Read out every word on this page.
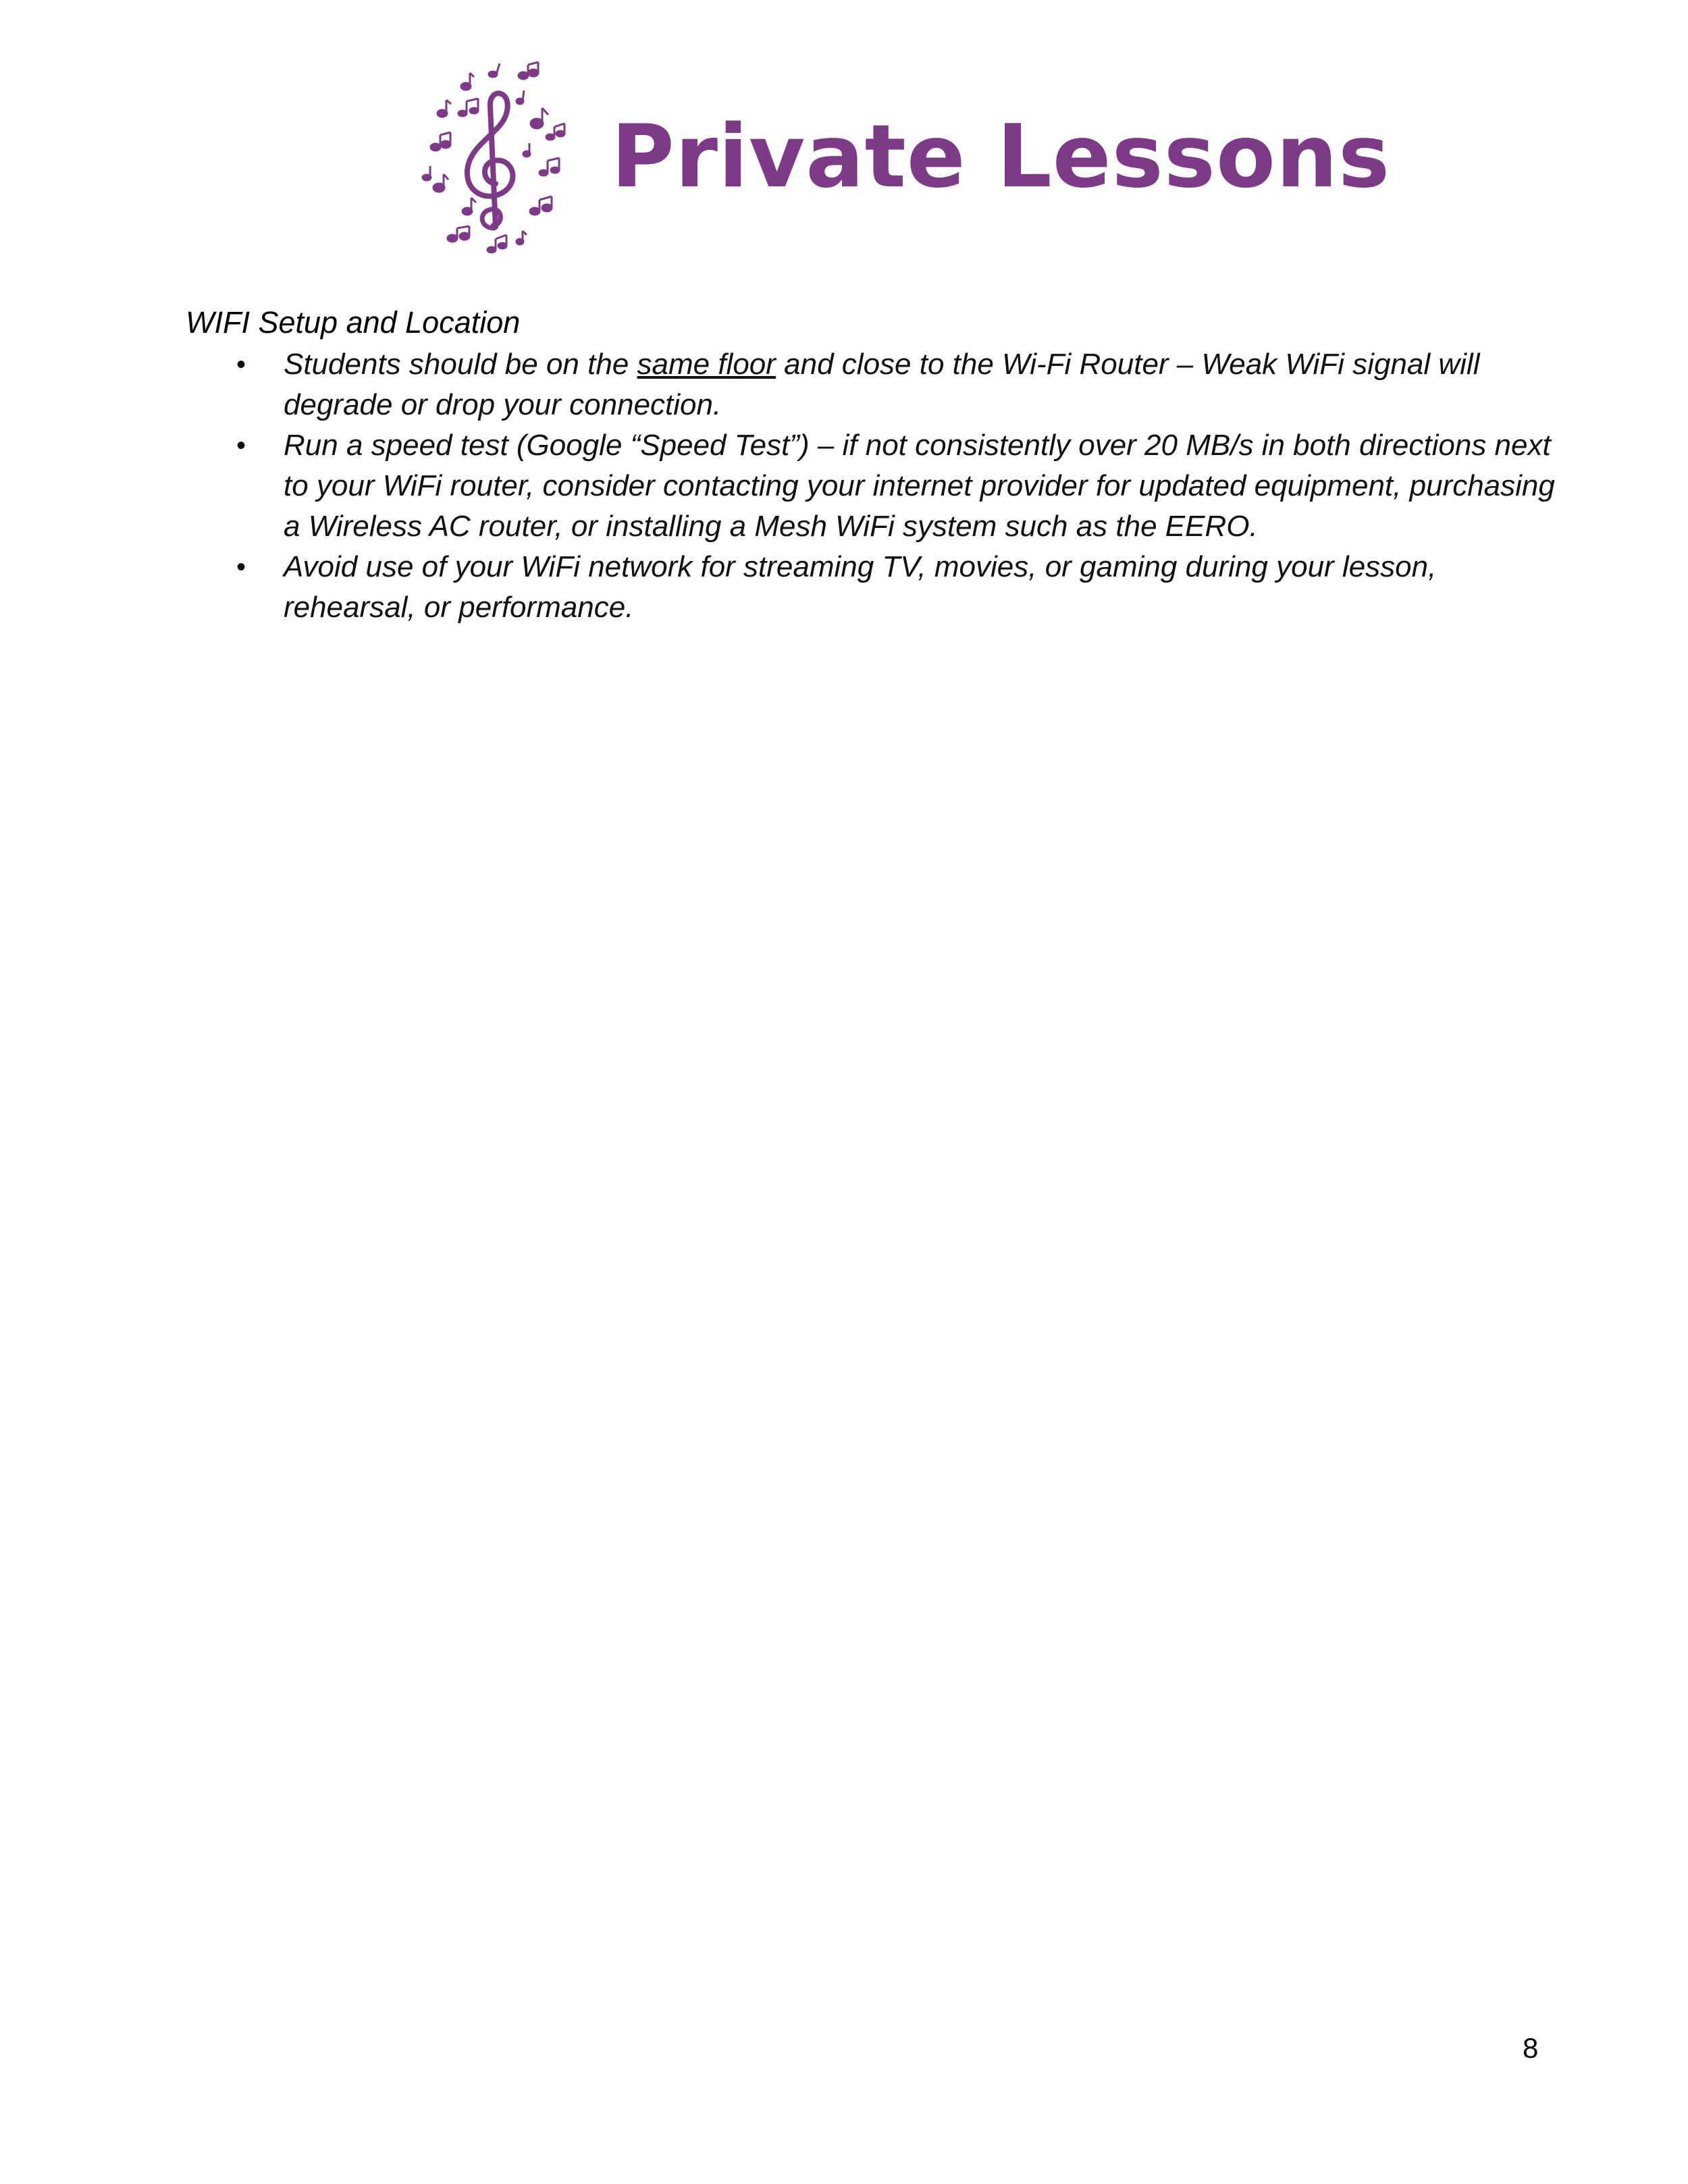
Private Lessons
WIFI Setup and Location
• Students should be on the same floor and close to the Wi-Fi Router – Weak WiFi signal will degrade or drop your connection.
• Run a speed test (Google “Speed Test”) – if not consistently over 20 MB/s in both directions next to your WiFi router, consider contacting your internet provider for updated equipment, purchasing a Wireless AC router, or installing a Mesh WiFi system such as the EERO.
• Avoid use of your WiFi network for streaming TV, movies, or gaming during your lesson, rehearsal, or performance.
8
